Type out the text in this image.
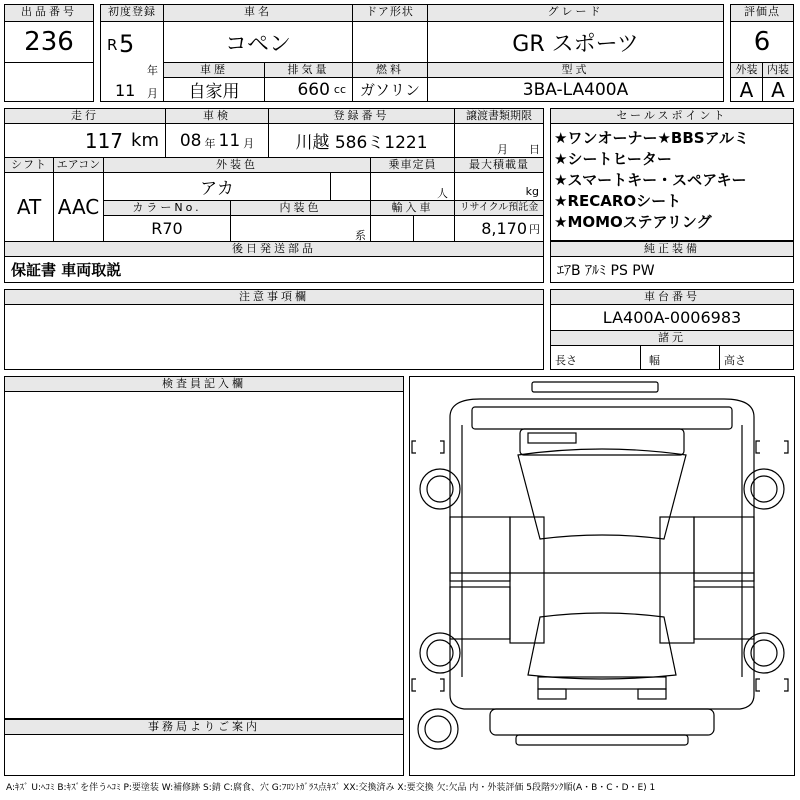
出品番号
236
初度登録
R 5
年
11 月
車名
コペン
ドア形状	グレード
GR スポーツ
評価点
6
車歴
自家用
排気量
660 cc
燃料
ガソリン
型式
3BA-LA400A
外装
A
内装
A
走行
117 km
車検
08 年 11 月
登録番号
川越 586ミ1221
譲渡書類期限
月 日
セールスポイント
★ワンオーナー★BBSアルミ
★シートヒーター
★スマートキー・スペアキー
★RECAROシート
★MOMOステアリング
シフト
AT
エアコン
AAC
外装色
アカ
乗車定員
人
最大積載量
kg
カラーNo.
R70
内装色
系
輸入車	リサイクル預託金
8,170 円
後日発送部品
保証書 車両取説
純正装備
ｴｱB ｱﾙﾐ PS PW
注意事項欄	車台番号
LA400A-0006983
諸元
長さ	幅	高さ
検査員記入欄
事務局よりご案内
A:ｷｽﾞ U:ﾍｺﾐ B:ｷｽﾞを伴うﾍｺﾐ P:要塗装 W:補修跡 S:錆 C:腐食、穴 G:ﾌﾛﾝﾄｶﾞﾗｽ点ｷｽﾞ XX:交換済み X:要交換 欠:欠品 内・外装評価 5段階ﾗﾝｸ順(A・B・C・D・E) 1
